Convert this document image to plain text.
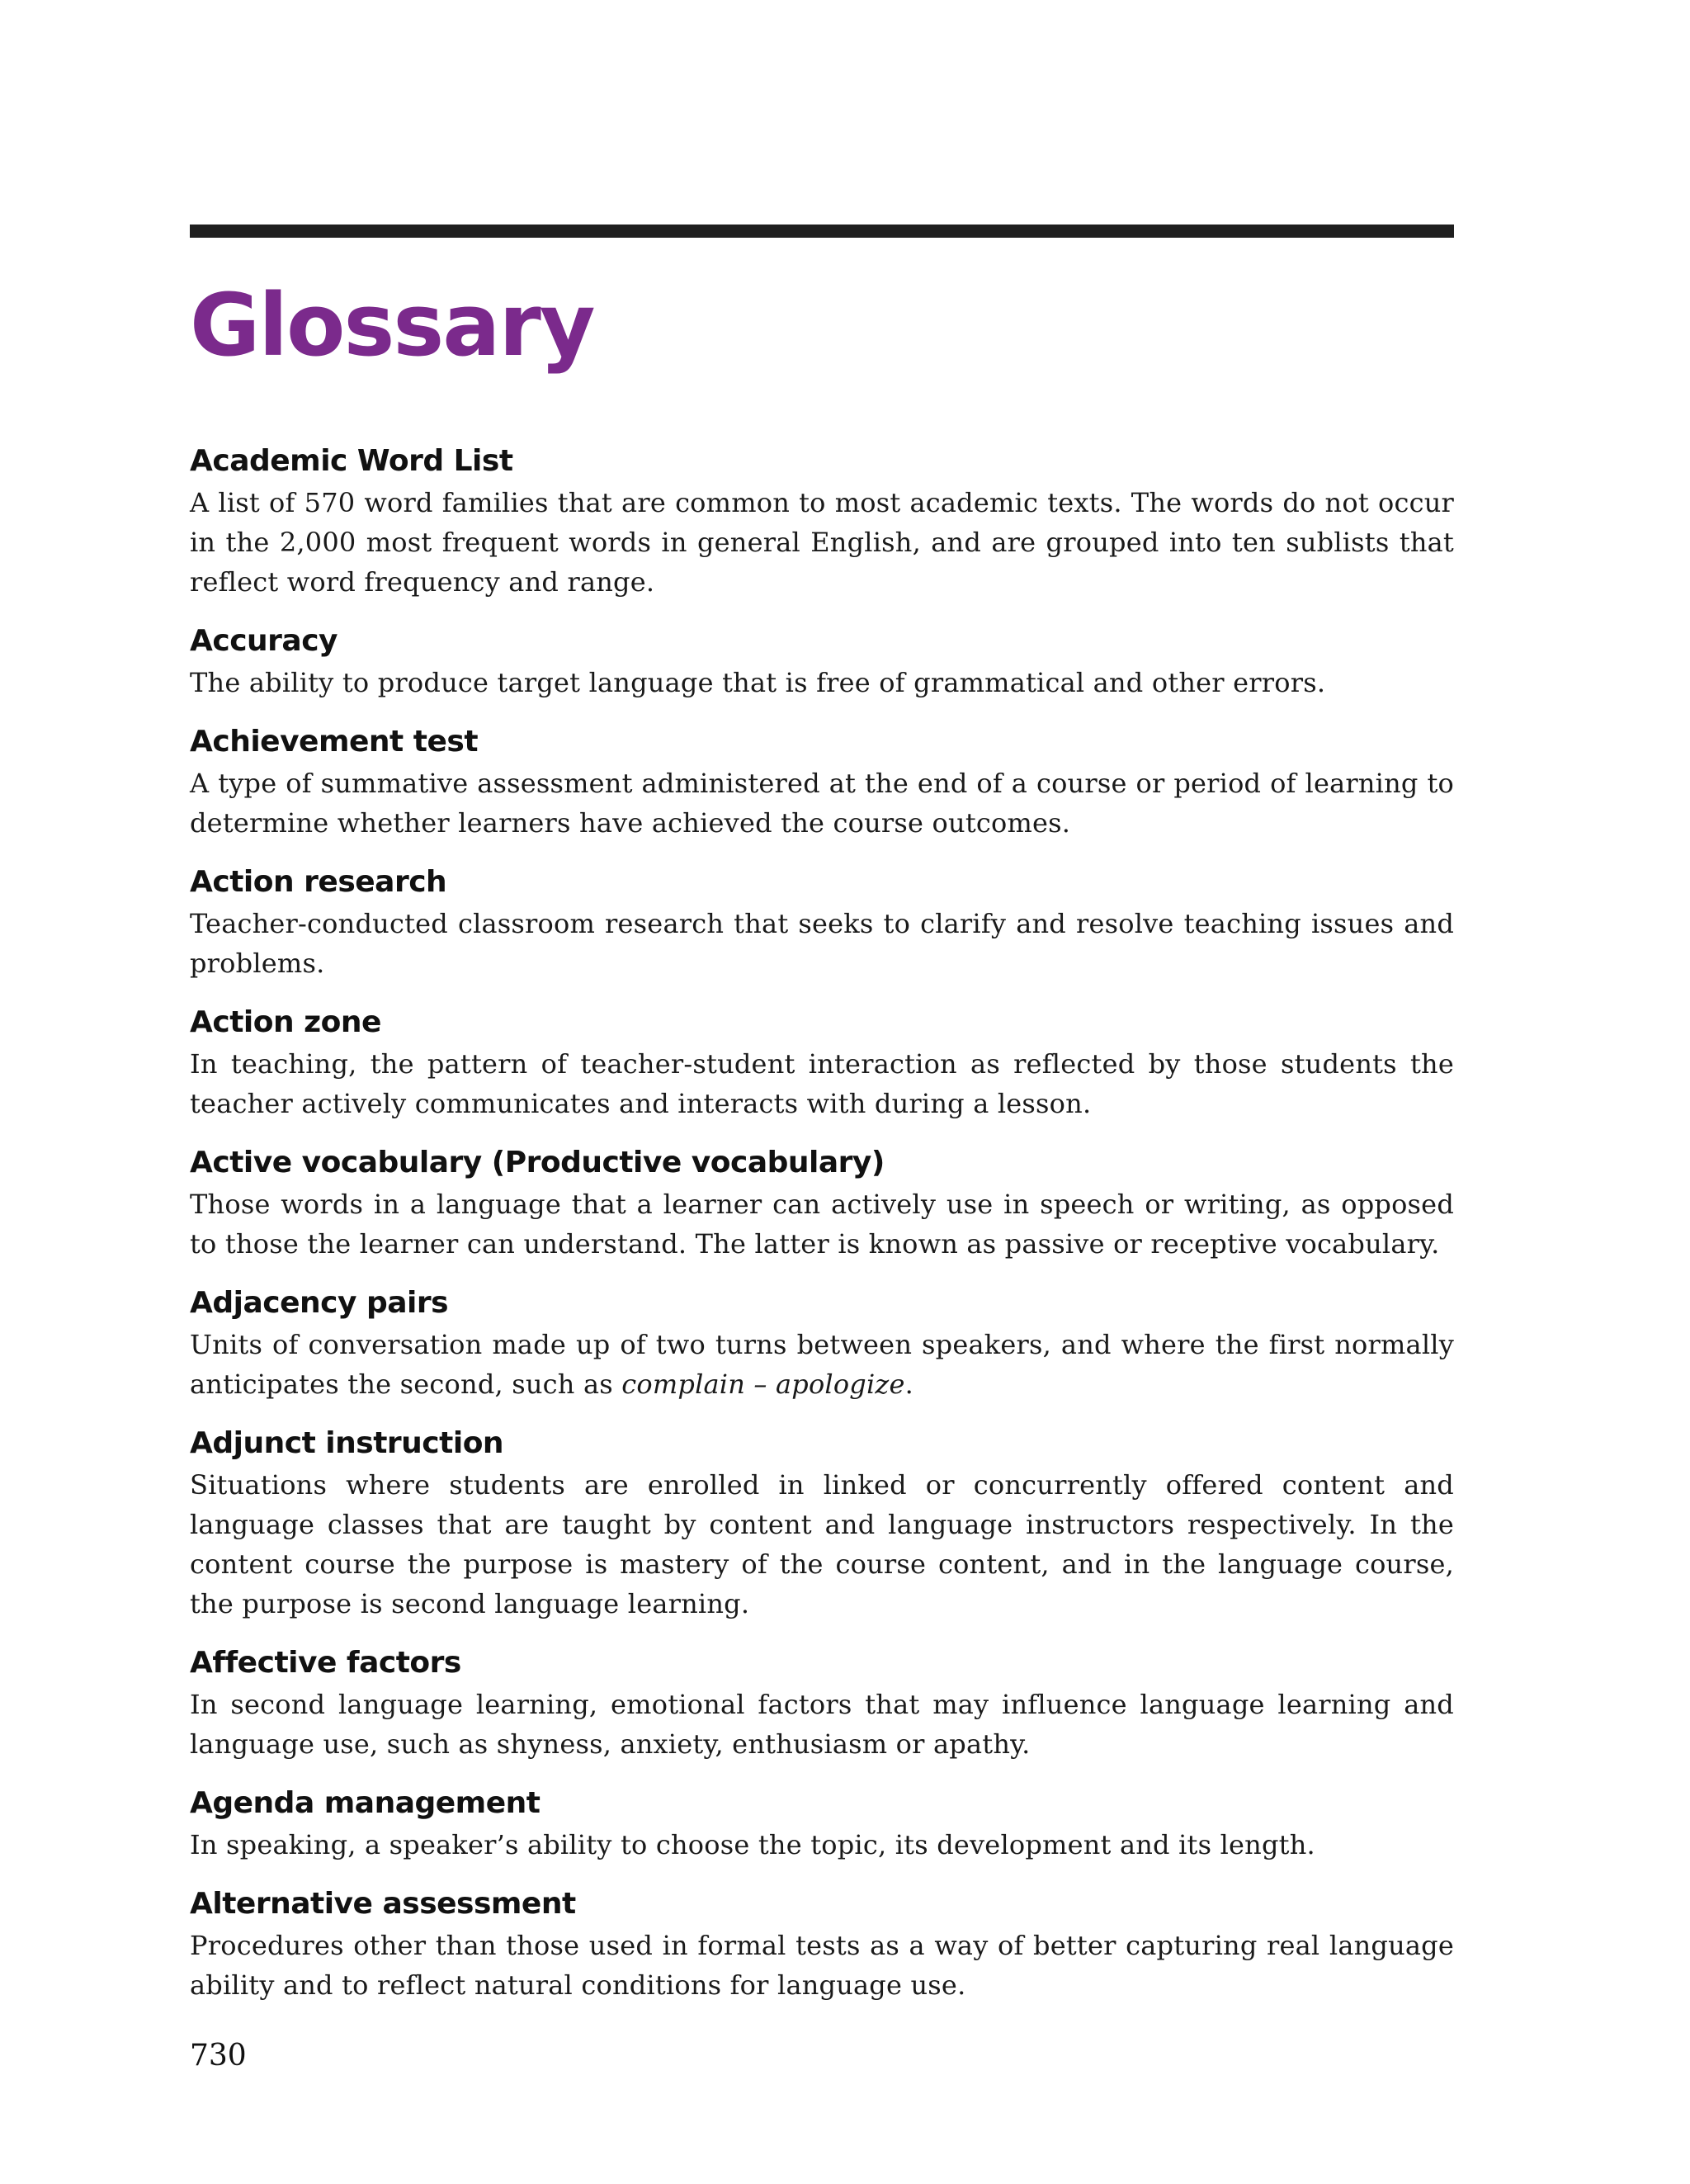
Glossary
Academic Word List
A list of 570 word families that are common to most academic texts. The words do not occur in the 2,000 most frequent words in general English, and are grouped into ten sublists that reflect word frequency and range.
Accuracy
The ability to produce target language that is free of grammatical and other errors.
Achievement test
A type of summative assessment administered at the end of a course or period of learning to determine whether learners have achieved the course outcomes.
Action research
Teacher-conducted classroom research that seeks to clarify and resolve teaching issues and problems.
Action zone
In teaching, the pattern of teacher-student interaction as reflected by those students the teacher actively communicates and interacts with during a lesson.
Active vocabulary (Productive vocabulary)
Those words in a language that a learner can actively use in speech or writing, as opposed to those the learner can understand. The latter is known as passive or receptive vocabulary.
Adjacency pairs
Units of conversation made up of two turns between speakers, and where the first normally anticipates the second, such as complain – apologize.
Adjunct instruction
Situations where students are enrolled in linked or concurrently offered content and language classes that are taught by content and language instructors respectively. In the content course the purpose is mastery of the course content, and in the language course, the purpose is second language learning.
Affective factors
In second language learning, emotional factors that may influence language learning and language use, such as shyness, anxiety, enthusiasm or apathy.
Agenda management
In speaking, a speaker’s ability to choose the topic, its development and its length.
Alternative assessment
Procedures other than those used in formal tests as a way of better capturing real language ability and to reflect natural conditions for language use.
730
